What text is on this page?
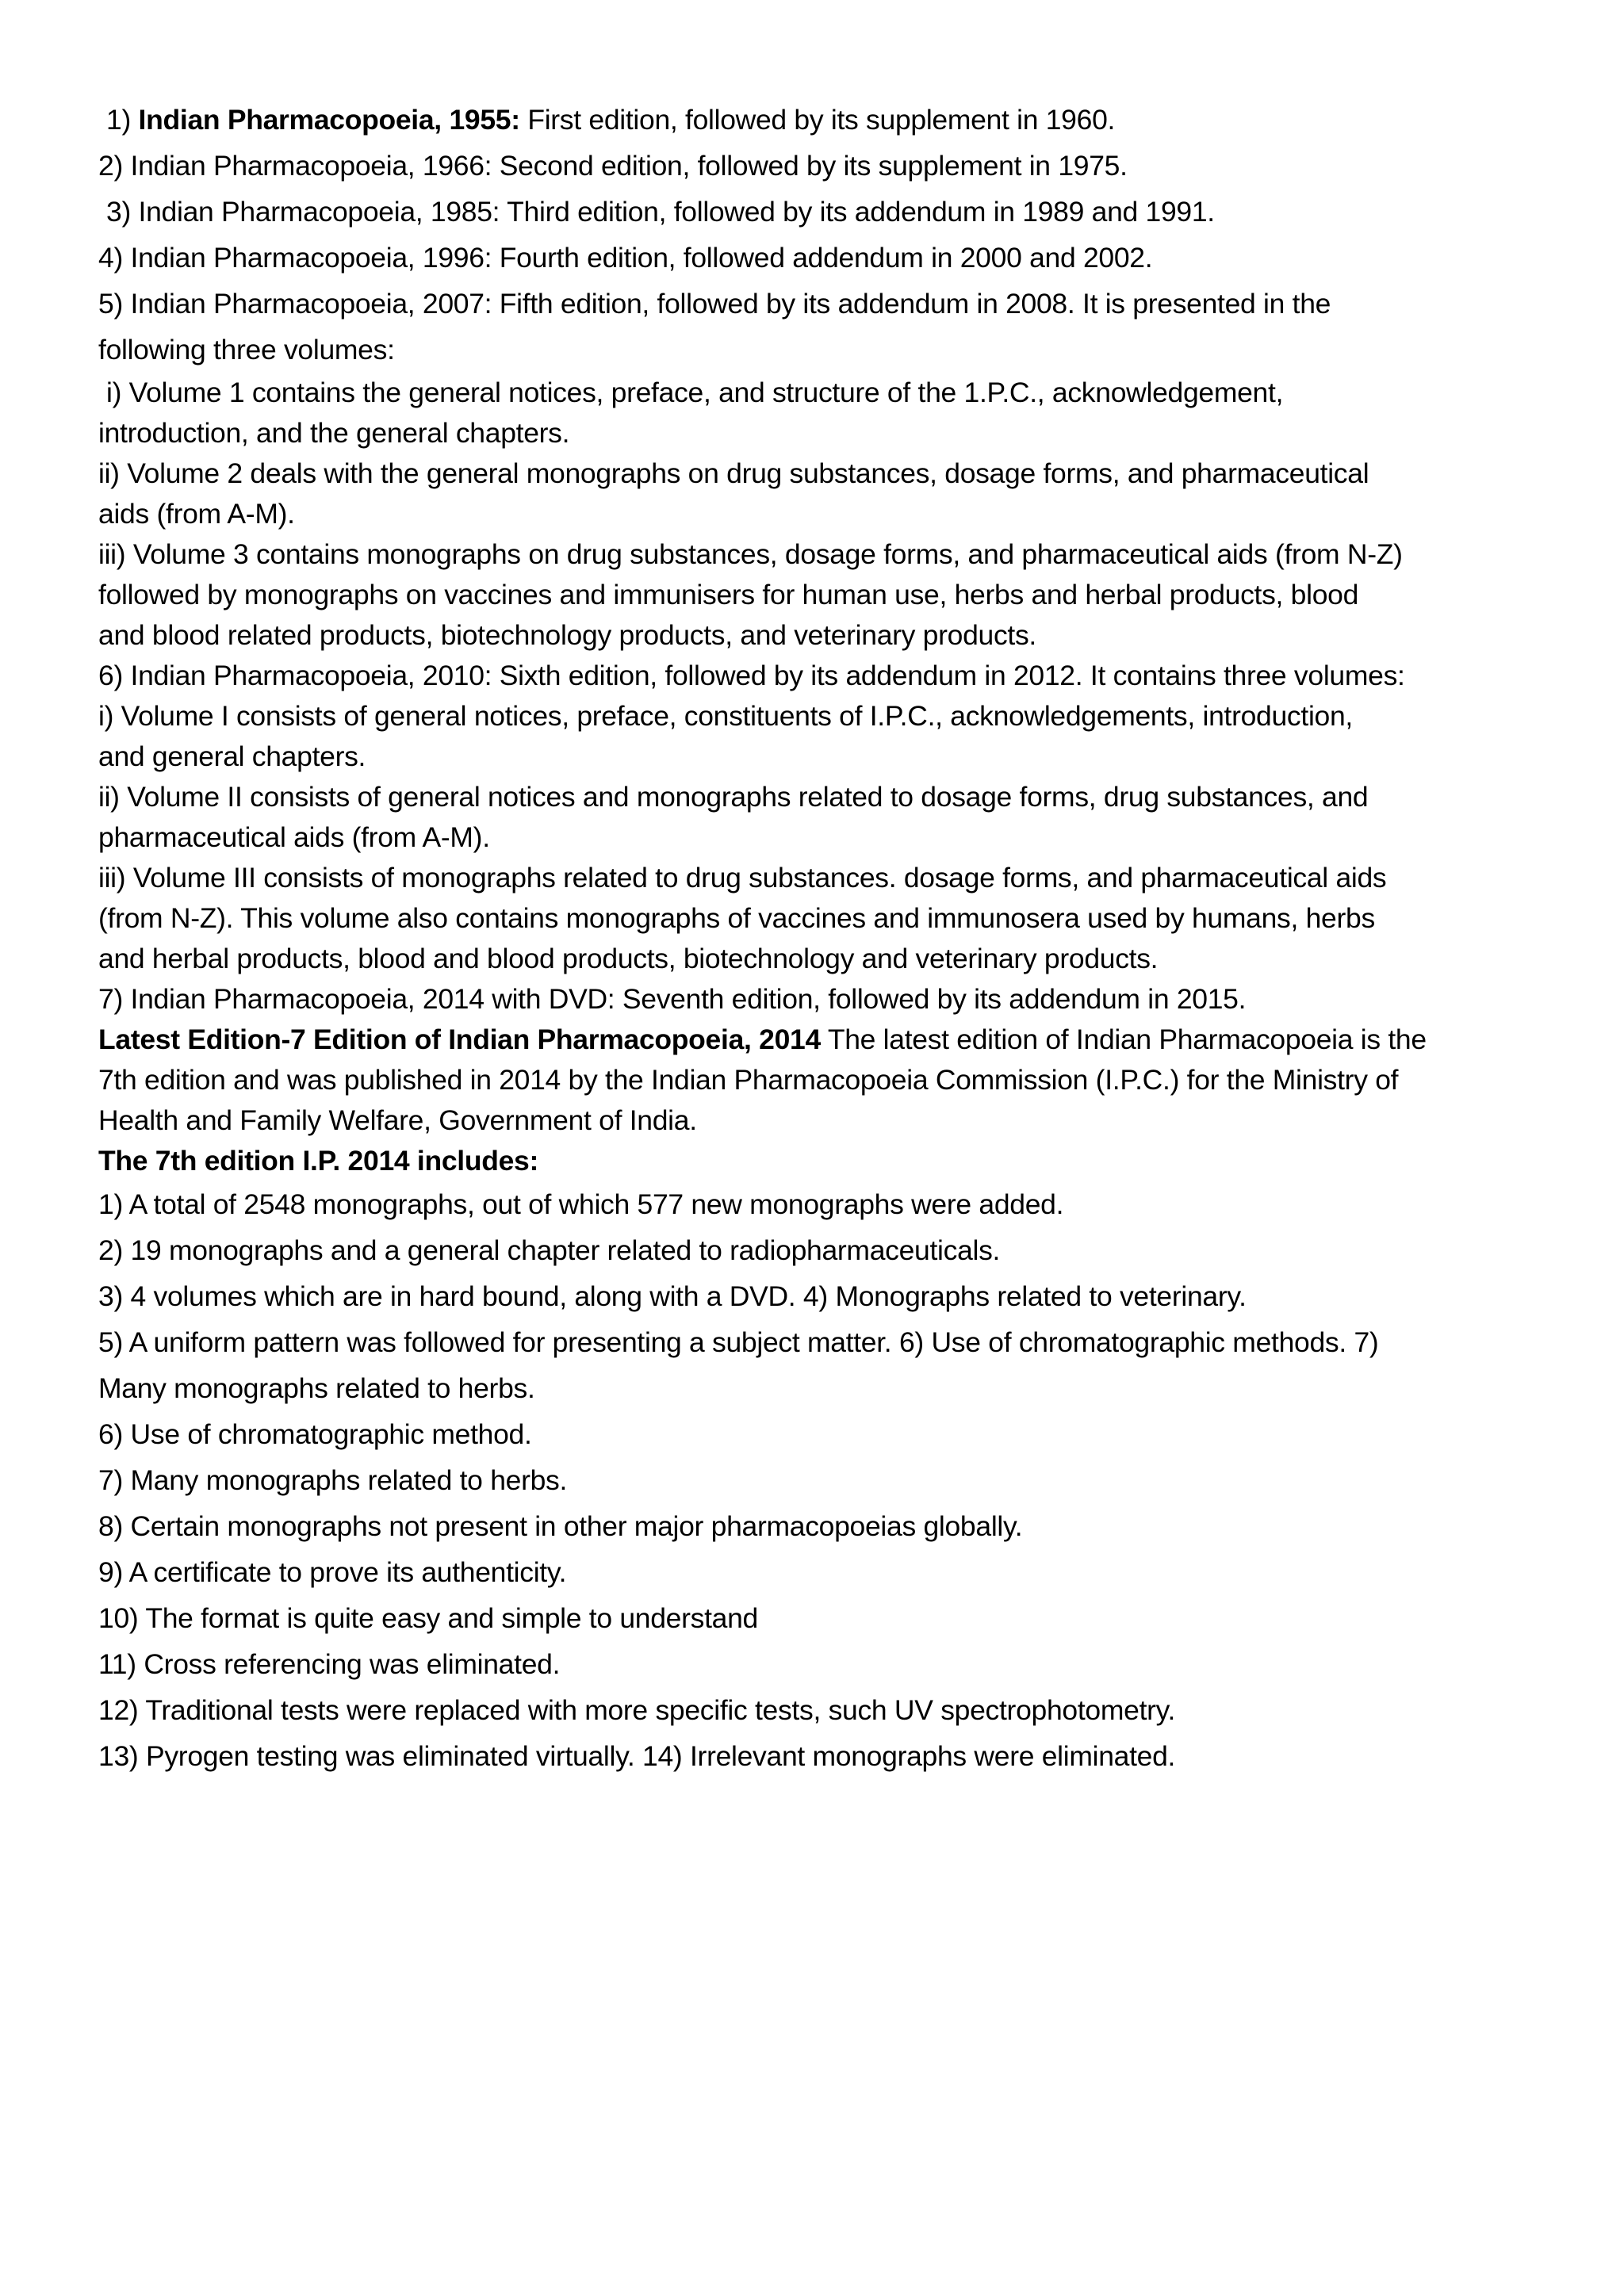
1) Indian Pharmacopoeia, 1955: First edition, followed by its supplement in 1960.
2) Indian Pharmacopoeia, 1966: Second edition, followed by its supplement in 1975.
3) Indian Pharmacopoeia, 1985: Third edition, followed by its addendum in 1989 and 1991.
4) Indian Pharmacopoeia, 1996: Fourth edition, followed addendum in 2000 and 2002.
5) Indian Pharmacopoeia, 2007: Fifth edition, followed by its addendum in 2008. It is presented in the
following three volumes:
i) Volume 1 contains the general notices, preface, and structure of the 1.P.C., acknowledgement,
introduction, and the general chapters.
ii) Volume 2 deals with the general monographs on drug substances, dosage forms, and pharmaceutical
aids (from A-M).
iii) Volume 3 contains monographs on drug substances, dosage forms, and pharmaceutical aids (from N-Z)
followed by monographs on vaccines and immunisers for human use, herbs and herbal products, blood
and blood related products, biotechnology products, and veterinary products.
6) Indian Pharmacopoeia, 2010: Sixth edition, followed by its addendum in 2012. It contains three volumes:
i) Volume I consists of general notices, preface, constituents of I.P.C., acknowledgements, introduction,
and general chapters.
ii) Volume II consists of general notices and monographs related to dosage forms, drug substances, and
pharmaceutical aids (from A-M).
iii) Volume III consists of monographs related to drug substances. dosage forms, and pharmaceutical aids
(from N-Z). This volume also contains monographs of vaccines and immunosera used by humans, herbs
and herbal products, blood and blood products, biotechnology and veterinary products.
7) Indian Pharmacopoeia, 2014 with DVD: Seventh edition, followed by its addendum in 2015.
Latest Edition-7 Edition of Indian Pharmacopoeia, 2014 The latest edition of Indian Pharmacopoeia is the
7th edition and was published in 2014 by the Indian Pharmacopoeia Commission (I.P.C.) for the Ministry of
Health and Family Welfare, Government of India.
The 7th edition I.P. 2014 includes:
1) A total of 2548 monographs, out of which 577 new monographs were added.
2) 19 monographs and a general chapter related to radiopharmaceuticals.
3) 4 volumes which are in hard bound, along with a DVD. 4) Monographs related to veterinary.
5) A uniform pattern was followed for presenting a subject matter. 6) Use of chromatographic methods. 7)
Many monographs related to herbs.
6) Use of chromatographic method.
7) Many monographs related to herbs.
8) Certain monographs not present in other major pharmacopoeias globally.
9) A certificate to prove its authenticity.
10) The format is quite easy and simple to understand
11) Cross referencing was eliminated.
12) Traditional tests were replaced with more specific tests, such UV spectrophotometry.
13) Pyrogen testing was eliminated virtually. 14) Irrelevant monographs were eliminated.
